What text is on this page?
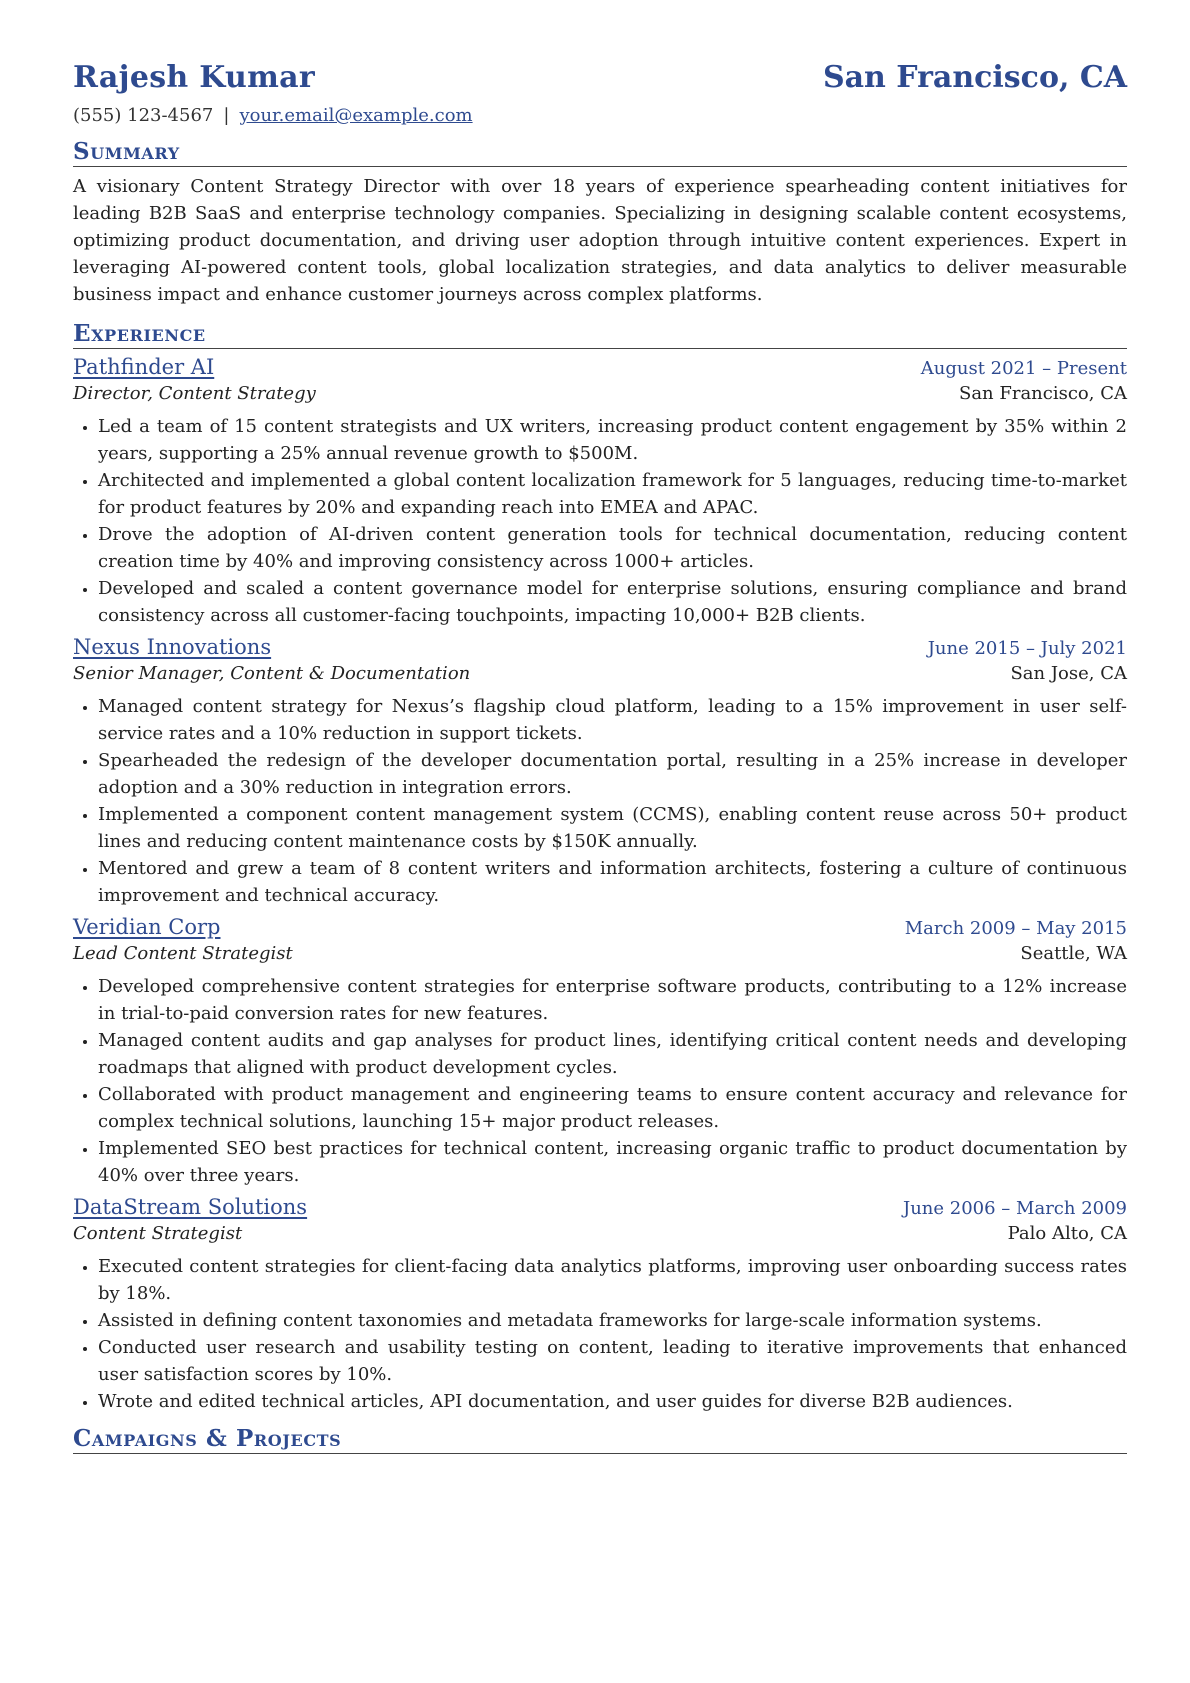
Rajesh Kumar	San Francisco, CA
(555) 123-4567 | your.email@example.com
Summary
A visionary Content Strategy Director with over 18 years of experience spearheading content initiatives for leading B2B SaaS and enterprise technology companies. Specializing in designing scalable content ecosystems, optimizing product documentation, and driving user adoption through intuitive content experiences. Expert in leveraging AI-powered content tools, global localization strategies, and data analytics to deliver measurable business impact and enhance customer journeys across complex platforms.
Experience
Pathfinder AI	August 2021 – Present
Director, Content Strategy	San Francisco, CA
• Led a team of 15 content strategists and UX writers, increasing product content engagement by 35% within 2 years, supporting a 25% annual revenue growth to $500M.
• Architected and implemented a global content localization framework for 5 languages, reducing time-to-market for product features by 20% and expanding reach into EMEA and APAC.
• Drove the adoption of AI-driven content generation tools for technical documentation, reducing content creation time by 40% and improving consistency across 1000+ articles.
• Developed and scaled a content governance model for enterprise solutions, ensuring compliance and brand consistency across all customer-facing touchpoints, impacting 10,000+ B2B clients.
Nexus Innovations	June 2015 – July 2021
Senior Manager, Content & Documentation	San Jose, CA
• Managed content strategy for Nexus’s flagship cloud platform, leading to a 15% improvement in user self-service rates and a 10% reduction in support tickets.
• Spearheaded the redesign of the developer documentation portal, resulting in a 25% increase in developer adoption and a 30% reduction in integration errors.
• Implemented a component content management system (CCMS), enabling content reuse across 50+ product lines and reducing content maintenance costs by $150K annually.
• Mentored and grew a team of 8 content writers and information architects, fostering a culture of continuous improvement and technical accuracy.
Veridian Corp	March 2009 – May 2015
Lead Content Strategist	Seattle, WA
• Developed comprehensive content strategies for enterprise software products, contributing to a 12% increase in trial-to-paid conversion rates for new features.
• Managed content audits and gap analyses for product lines, identifying critical content needs and developing roadmaps that aligned with product development cycles.
• Collaborated with product management and engineering teams to ensure content accuracy and relevance for complex technical solutions, launching 15+ major product releases.
• Implemented SEO best practices for technical content, increasing organic traffic to product documentation by 40% over three years.
DataStream Solutions	June 2006 – March 2009
Content Strategist	Palo Alto, CA
• Executed content strategies for client-facing data analytics platforms, improving user onboarding success rates by 18%.
• Assisted in defining content taxonomies and metadata frameworks for large-scale information systems.
• Conducted user research and usability testing on content, leading to iterative improvements that enhanced user satisfaction scores by 10%.
• Wrote and edited technical articles, API documentation, and user guides for diverse B2B audiences.
Campaigns & Projects
